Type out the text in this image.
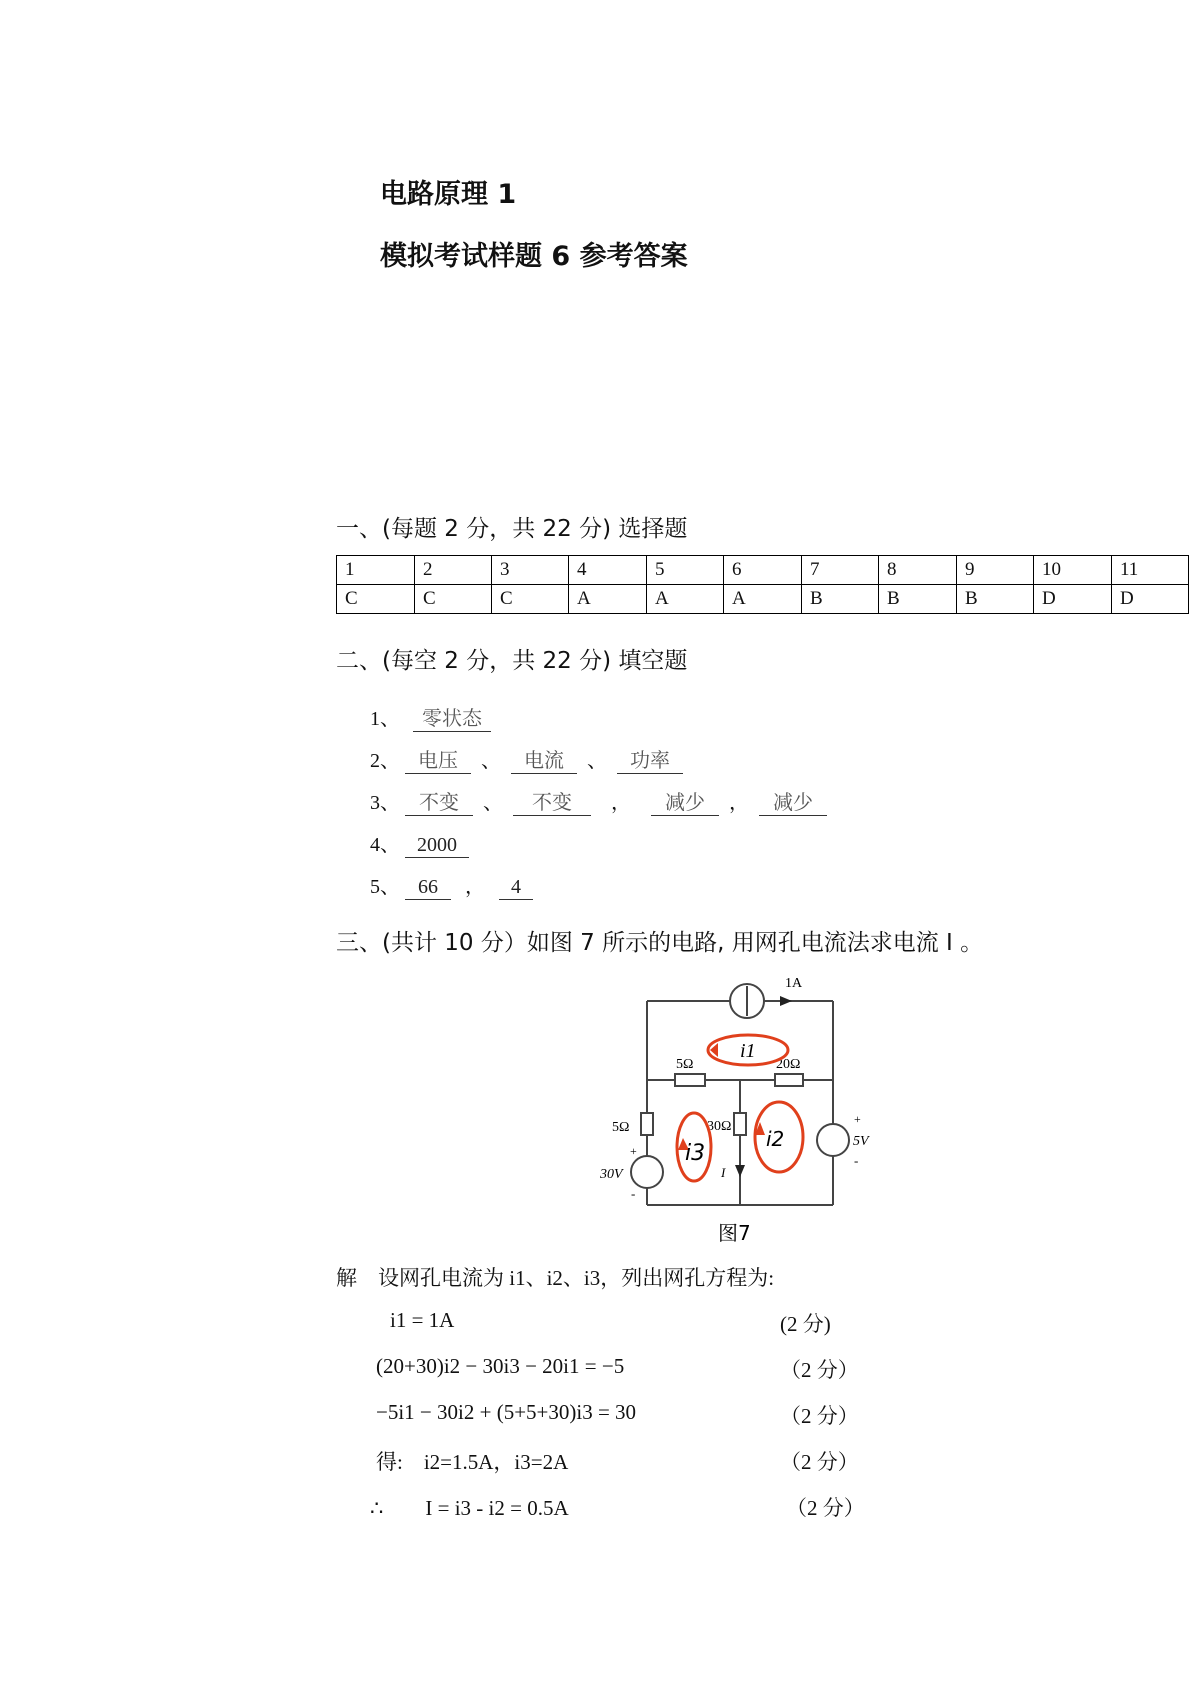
电路原理 1
模拟考试样题 6 参考答案
一、(每题 2 分，共 22 分) 选择题
1	2	3	4	5	6	7	8	9	10	11
C	C	C	A	A	A	B	B	B	D	D
二、(每空 2 分，共 22 分) 填空题
1、 零状态
2、 电压 、 电流 、 功率
3、 不变 、 不变 ， 减少 ， 减少
4、 2000
5、 66 ， 4
三、(共计 10 分）如图 7 所示的电路, 用网孔电流法求电流 I 。
1A
5Ω	20Ω
5Ω	30Ω
+
-
30V
+
-
5V
I
i1
i3
i2
图7
解　设网孔电流为 i1、i2、i3，列出网孔方程为:
i1 = 1A	(2 分)
(20+30)i2 − 30i3 − 20i1 = −5	（2 分）
−5i1 − 30i2 + (5+5+30)i3 = 30	（2 分）
得:　i2=1.5A，i3=2A	（2 分）
∴　　I = i3 - i2 = 0.5A	（2 分）
